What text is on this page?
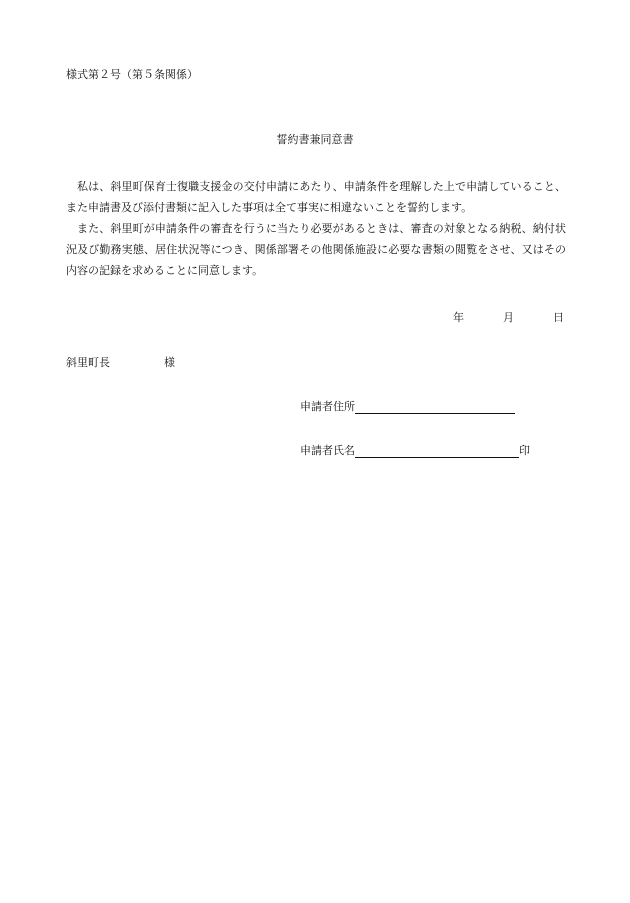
様式第２号（第５条関係）
誓約書兼同意書

私は、斜里町保育士復職支援金の交付申請にあたり、申請条件を理解した上で申請していること、また申請書及び添付書類に記入した事項は全て事実に相違ないことを誓約します。

また、斜里町が申請条件の審査を行うに当たり必要があるときは、審査の対象となる納税、納付状況及び勤務実態、居住状況等につき、関係部署その他関係施設に必要な書類の閲覧をさせ、又はその内容の記録を求めることに同意します。

年	月	日
斜里町長	様
申請者住所
申請者氏名	印
